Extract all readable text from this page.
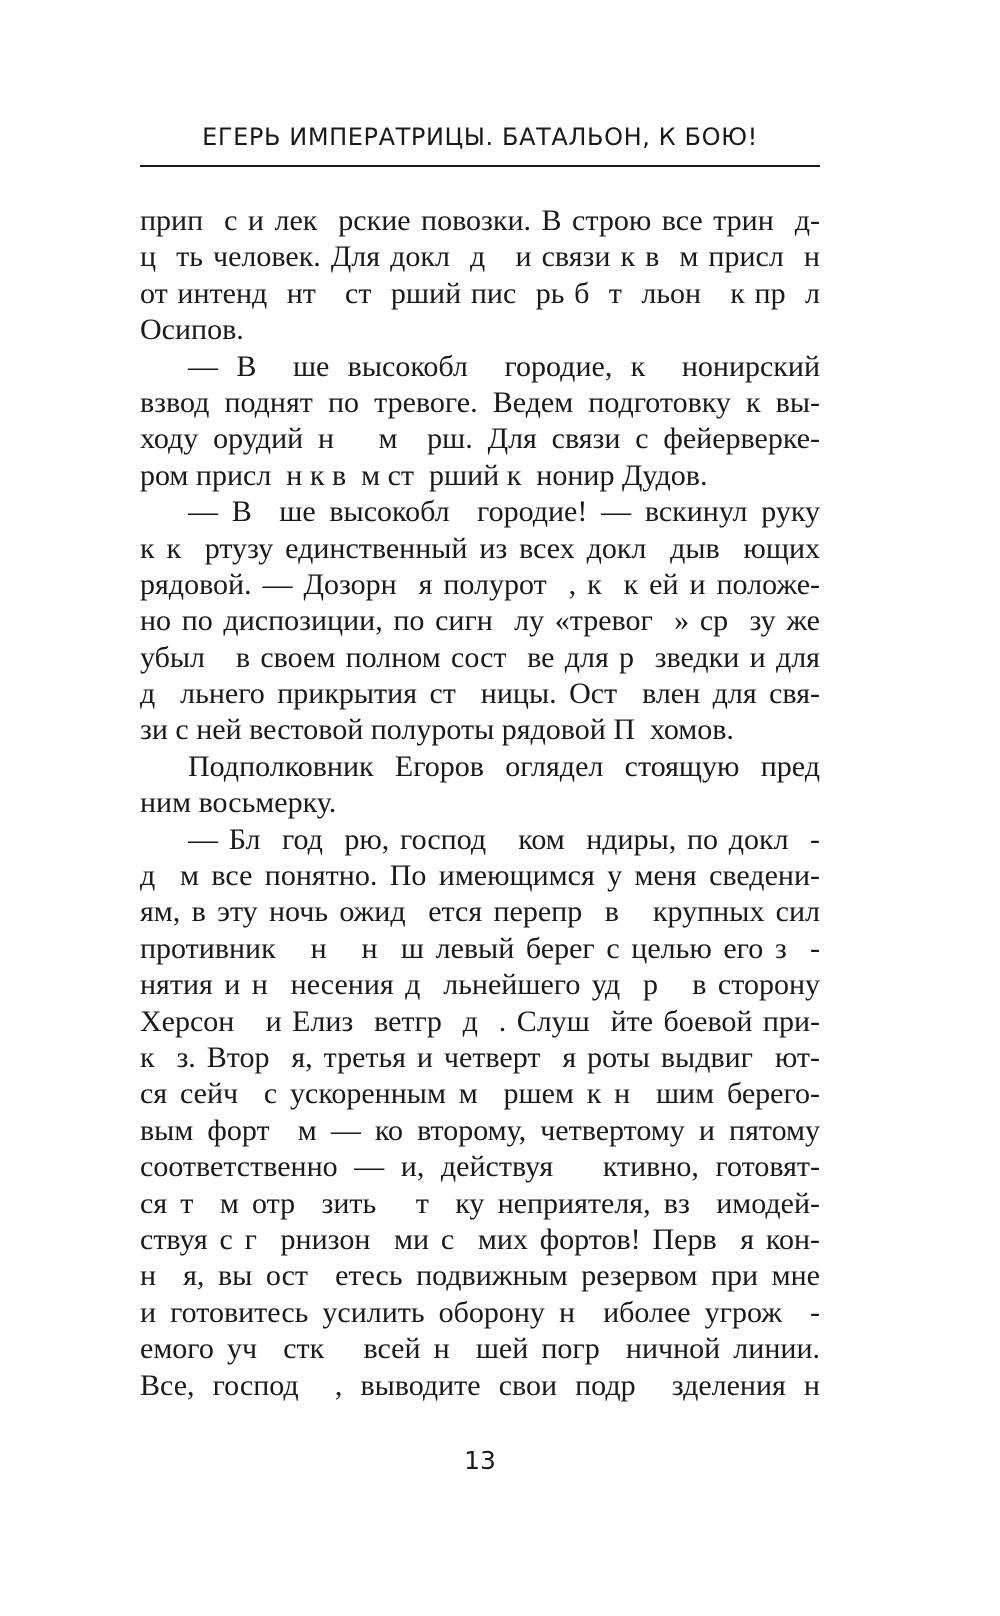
ЕГЕРЬ ИМПЕРАТРИЦЫ. БАТАЛЬОН, К БОЮ!
прип  с и лек  рские повозки. В строю все трин  д-
ц  ть человек. Для докл  д   и связи к в  м присл  н
от интенд  нт   ст  рший пис  рь б  т  льон   к пр  л
Осипов.
— В  ше высокобл  городие, к  нонирский
взвод поднят по тревоге. Ведем подготовку к вы-
ходу орудий н   м  рш. Для связи с фейерверке-
ром присл  н к в  м ст  рший к  нонир Дудов.
— В  ше высокобл  городие! — вскинул руку
к к  ртузу единственный из всех докл  дыв  ющих
рядовой. — Дозорн  я полурот  , к  к ей и положе-
но по диспозиции, по сигн  лу «тревог  » ср  зу же
убыл   в своем полном сост  ве для р  зведки и для
д  льнего прикрытия ст  ницы. Ост  влен для свя-
зи с ней вестовой полуроты рядовой П  хомов.
Подполковник Егоров оглядел стоящую пред
ним восьмерку.
— Бл  год  рю, господ   ком  ндиры, по докл  -
д  м все понятно. По имеющимся у меня сведени-
ям, в эту ночь ожид  ется перепр  в   крупных сил
противник   н   н  ш левый берег с целью его з  -
нятия и н  несения д  льнейшего уд  р   в сторону
Херсон   и Елиз  ветгр  д  . Слуш  йте боевой при-
к  з. Втор  я, третья и четверт  я роты выдвиг  ют-
ся сейч  с ускоренным м  ршем к н  шим берего-
вым форт  м — ко второму, четвертому и пятому
соответственно — и, действуя   ктивно, готовят-
ся т  м отр  зить   т  ку неприятеля, вз  имодей-
ствуя с г  рнизон  ми с  мих фортов! Перв  я кон-
н  я, вы ост  етесь подвижным резервом при мне
и готовитесь усилить оборону н  иболее угрож  -
емого уч  стк   всей н  шей погр  ничной линии.
Все, господ  , выводите свои подр  зделения н
13
